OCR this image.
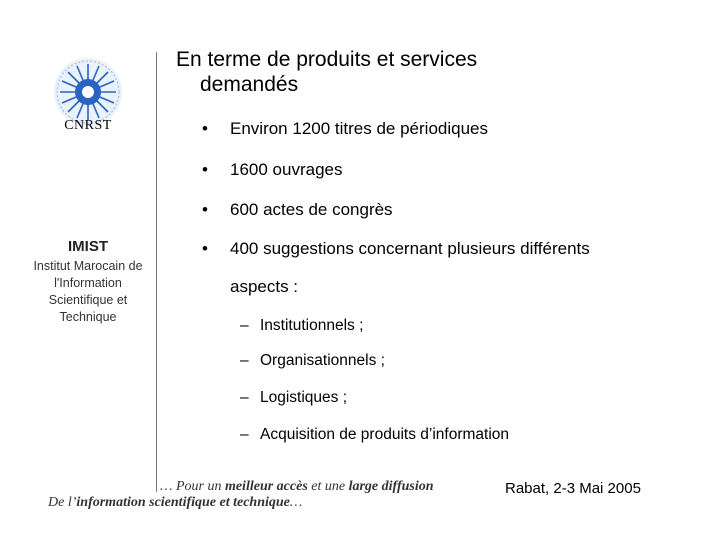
CNRST
IMIST
Institut Marocain de l'Information Scientifique et Technique
En terme de produits et services
demandés
• Environ 1200 titres de périodiques
• 1600 ouvrages
• 600 actes de congrès
• 400 suggestions concernant plusieurs différents
aspects :
– Institutionnels ;
– Organisationnels ;
– Logistiques ;
– Acquisition de produits d’information
… Pour un meilleur accès et une large diffusion
De l’information scientifique et technique…
Rabat, 2-3 Mai 2005
